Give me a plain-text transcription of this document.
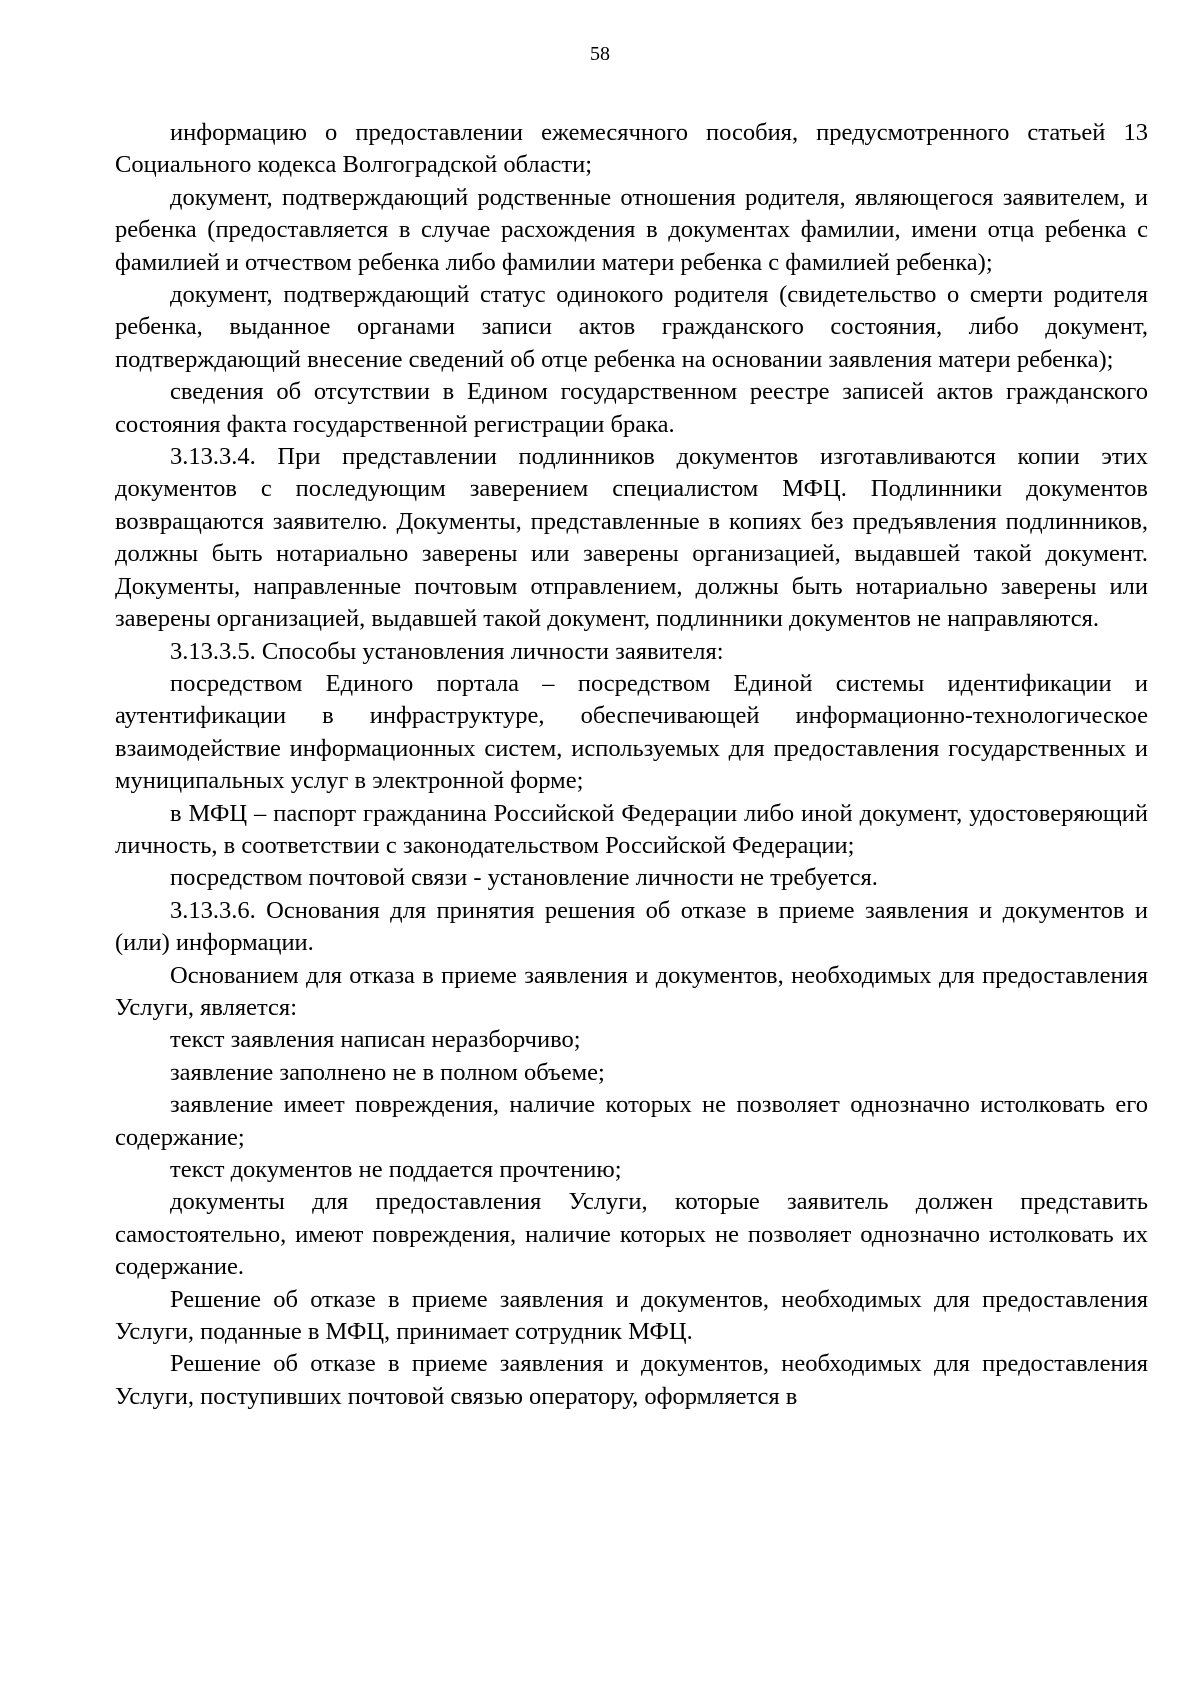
58

информацию о предоставлении ежемесячного пособия, предусмотренного статьей 13 Социального кодекса Волгоградской области;

документ, подтверждающий родственные отношения родителя, являющегося заявителем, и ребенка (предоставляется в случае расхождения в документах фамилии, имени отца ребенка с фамилией и отчеством ребенка либо фамилии матери ребенка с фамилией ребенка);

документ, подтверждающий статус одинокого родителя (свидетельство о смерти родителя ребенка, выданное органами записи актов гражданского состояния, либо документ, подтверждающий внесение сведений об отце ребенка на основании заявления матери ребенка);

сведения об отсутствии в Едином государственном реестре записей актов гражданского состояния факта государственной регистрации брака.

3.13.3.4. При представлении подлинников документов изготавливаются копии этих документов с последующим заверением специалистом МФЦ. Подлинники документов возвращаются заявителю. Документы, представленные в копиях без предъявления подлинников, должны быть нотариально заверены или заверены организацией, выдавшей такой документ. Документы, направленные почтовым отправлением, должны быть нотариально заверены или заверены организацией, выдавшей такой документ, подлинники документов не направляются.

3.13.3.5. Способы установления личности заявителя:

посредством Единого портала – посредством Единой системы идентификации и аутентификации в инфраструктуре, обеспечивающей информационно-технологическое взаимодействие информационных систем, используемых для предоставления государственных и муниципальных услуг в электронной форме;

в МФЦ – паспорт гражданина Российской Федерации либо иной документ, удостоверяющий личность, в соответствии с законодательством Российской Федерации;

посредством почтовой связи - установление личности не требуется.

3.13.3.6. Основания для принятия решения об отказе в приеме заявления и документов и (или) информации.

Основанием для отказа в приеме заявления и документов, необходимых для предоставления Услуги, является:

текст заявления написан неразборчиво;

заявление заполнено не в полном объеме;

заявление имеет повреждения, наличие которых не позволяет однозначно истолковать его содержание;

текст документов не поддается прочтению;

документы для предоставления Услуги, которые заявитель должен представить самостоятельно, имеют повреждения, наличие которых не позволяет однозначно истолковать их содержание.

Решение об отказе в приеме заявления и документов, необходимых для предоставления Услуги, поданные в МФЦ, принимает сотрудник МФЦ.

Решение об отказе в приеме заявления и документов, необходимых для предоставления Услуги, поступивших почтовой связью оператору, оформляется в
